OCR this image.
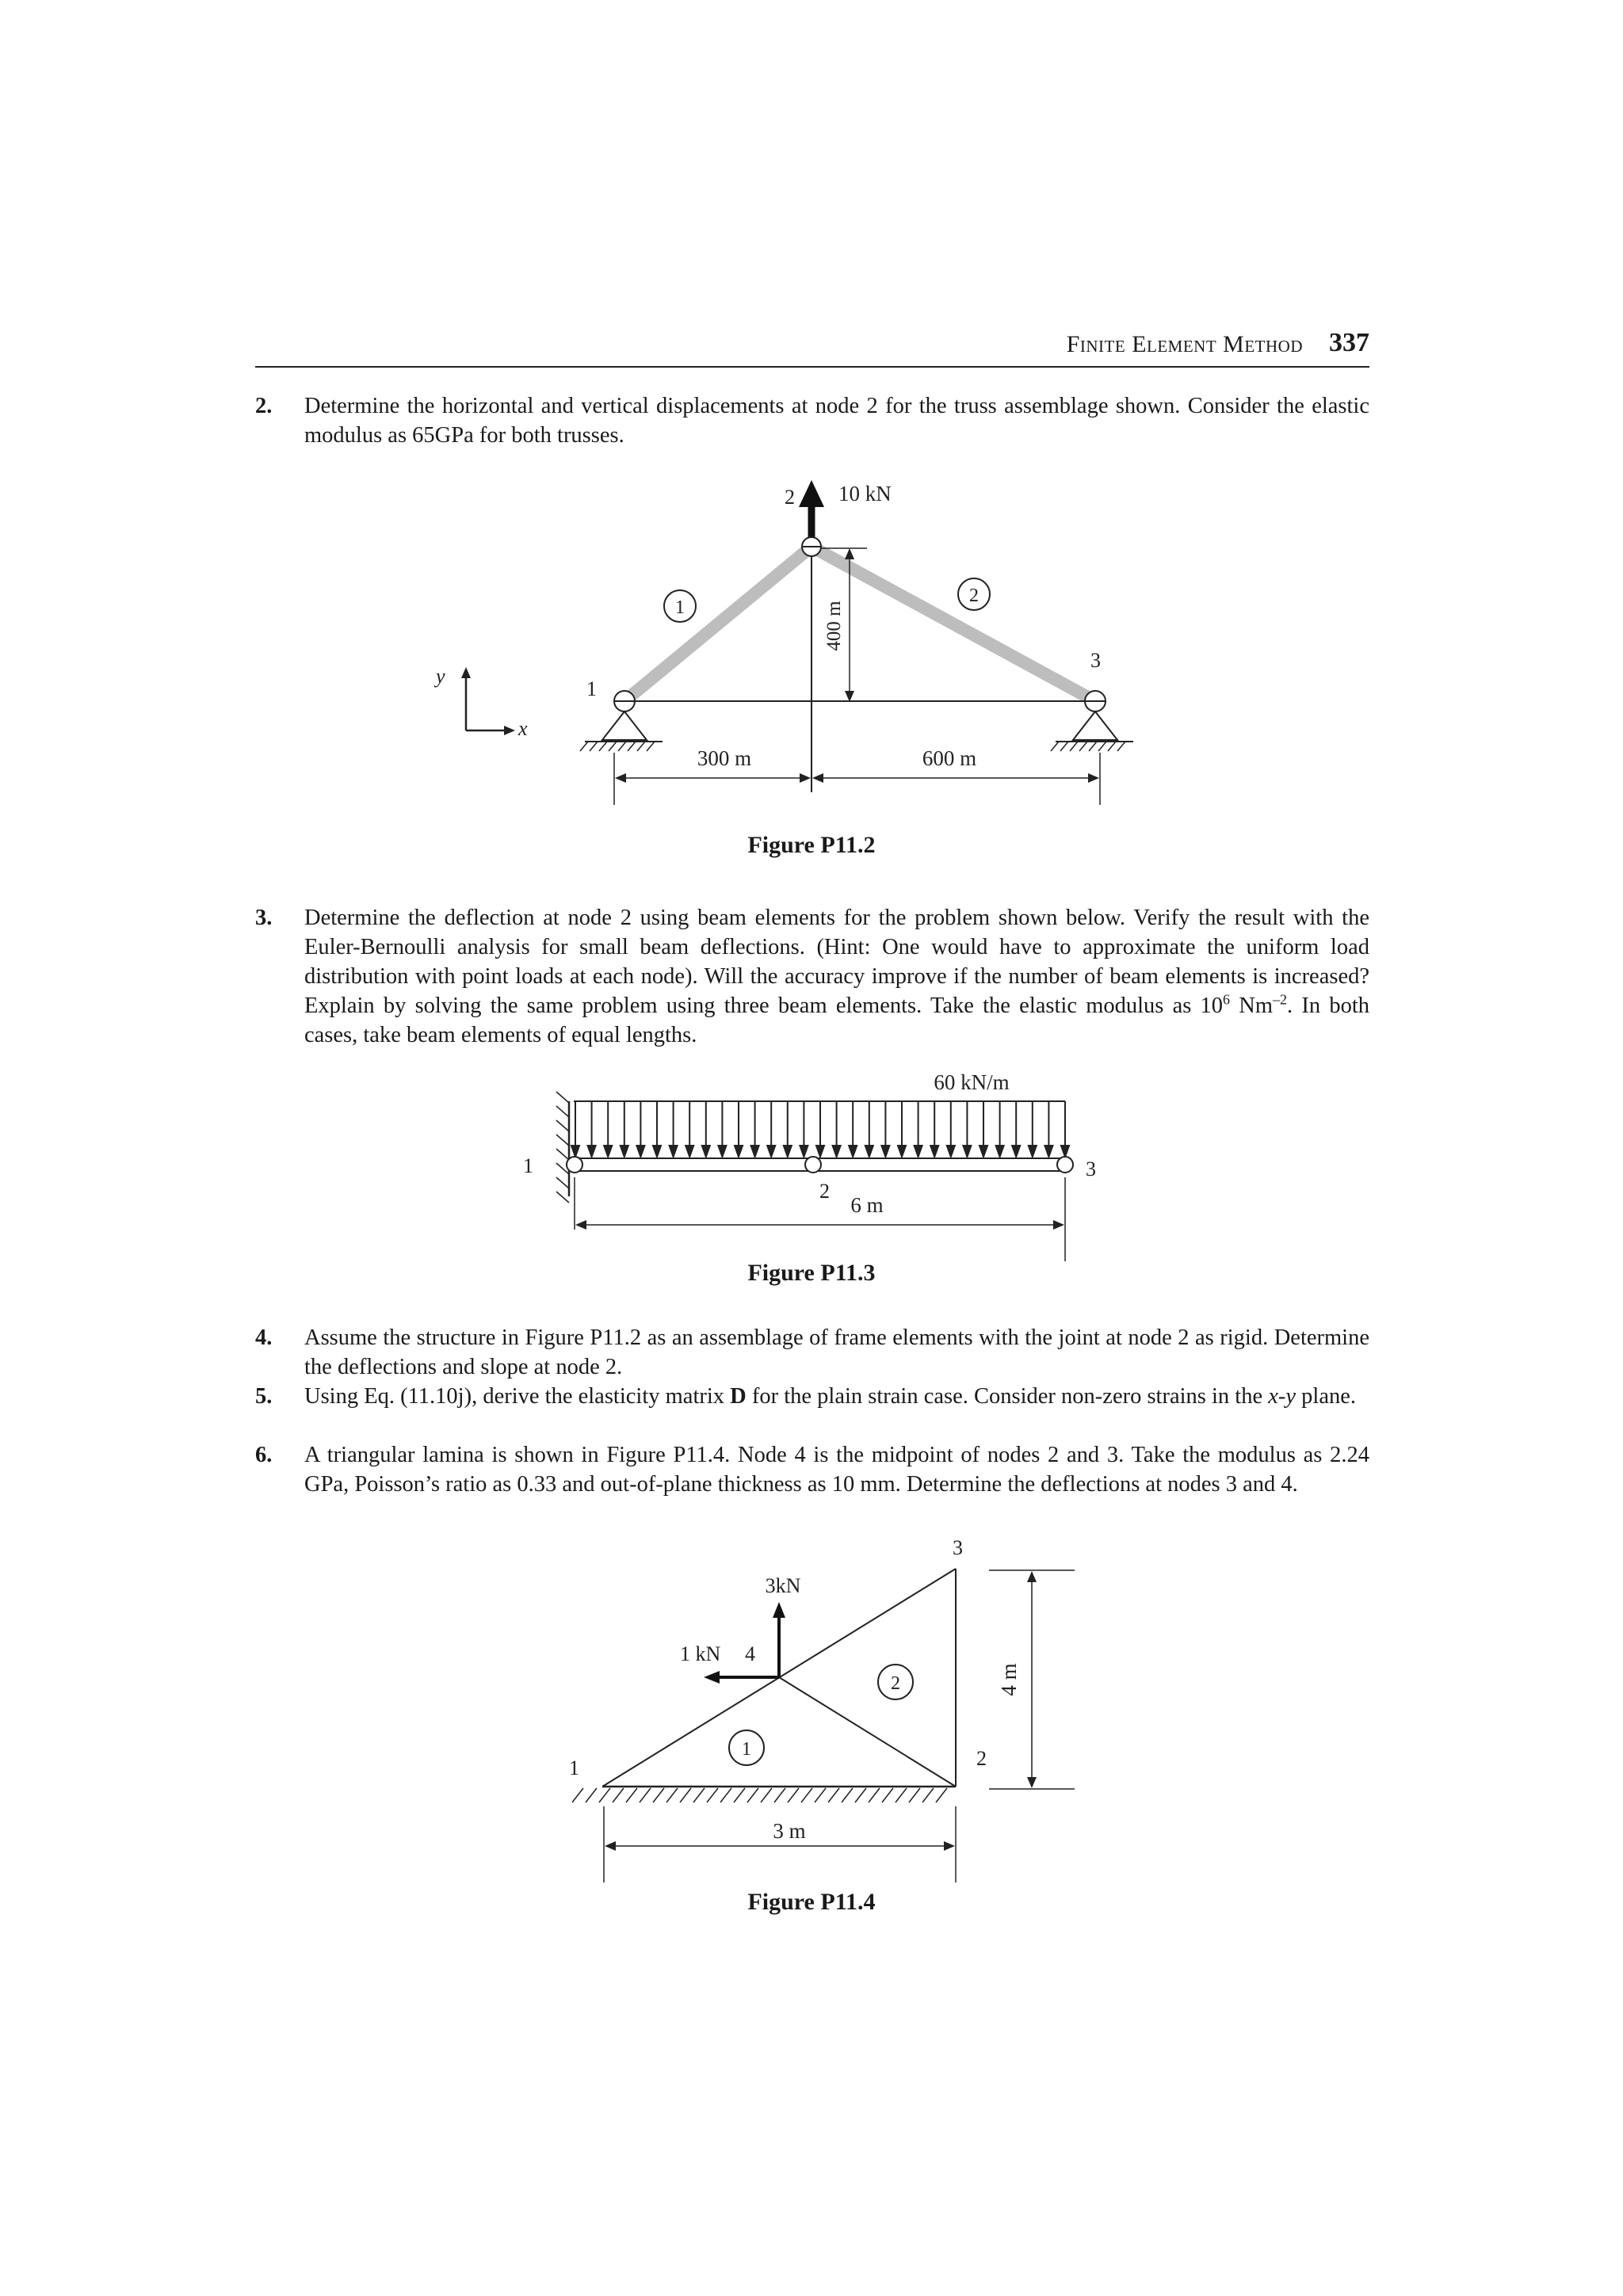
Finite Element Method 337
2. Determine the horizontal and vertical displacements at node 2 for the truss assemblage shown. Consider the elastic modulus as 65GPa for both trusses.
y
x
1
2
10 kN
2
400 m
1
3
300 m	600 m
Figure P11.2
3. Determine the deflection at node 2 using beam elements for the problem shown below. Verify the result with the Euler-Bernoulli analysis for small beam deflections. (Hint: One would have to approximate the uniform load distribution with point loads at each node). Will the accuracy improve if the number of beam elements is increased? Explain by solving the same problem using three beam elements. Take the elastic modulus as $10^6$ $Nm^{-2}$. In both cases, take beam elements of equal lengths.
60 kN/m
1
2
3
6 m
Figure P11.3
4. Assume the structure in Figure P11.2 as an assemblage of frame elements with the joint at node 2 as rigid. Determine the deflections and slope at node 2.
5. Using Eq. (11.10j), derive the elasticity matrix D for the plain strain case. Consider non-zero strains in the x-y plane.
6. A triangular lamina is shown in Figure P11.4. Node 4 is the midpoint of nodes 2 and 3. Take the modulus as 2.24 GPa, Poisson’s ratio as 0.33 and out-of-plane thickness as 10 mm. Determine the deflections at nodes 3 and 4.
3kN
1 kN 4
1
2
1	2
3
3 m
4 m
Figure P11.4
